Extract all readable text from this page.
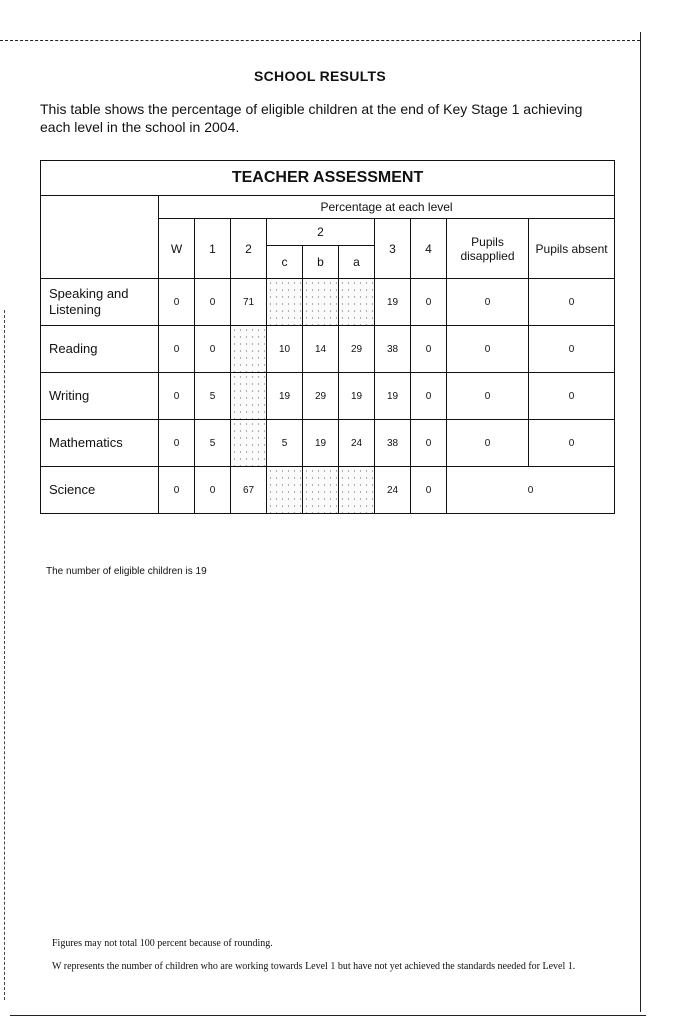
SCHOOL RESULTS
This table shows the percentage of eligible children at the end of Key Stage 1 achieving each level in the school in 2004.
TEACHER ASSESSMENT										
	Percentage at each level									
	W	1	2	2			3	4	Pupils disapplied	Pupils absent
				c	b	a				

Speaking and Listening	0	0	71				19	0	0	0
Reading	0	0		10	14	29	38	0	0	0
Writing	0	5		19	29	19	19	0	0	0
Mathematics	0	5		5	19	24	38	0	0	0
Science	0	0	67				24	0	0	
The number of eligible children is 19
Figures may not total 100 percent because of rounding.
W represents the number of children who are working towards Level 1 but have not yet achieved the standards needed for Level 1.
